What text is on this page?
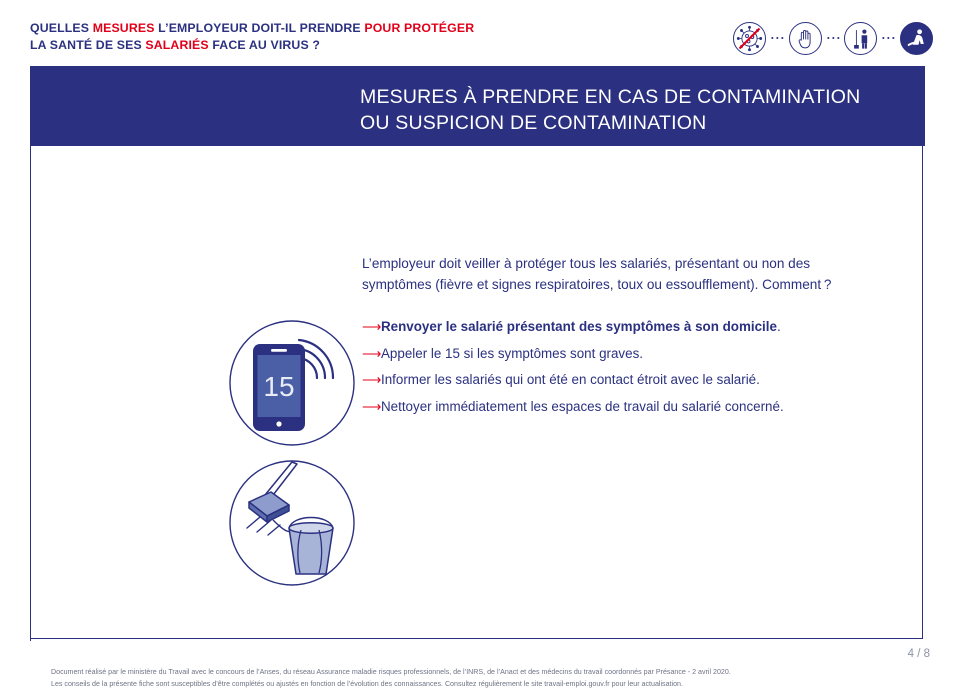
QUELLES MESURES L’EMPLOYEUR DOIT-IL PRENDRE POUR PROTÉGER
LA SANTÉ DE SES SALARIÉS FACE AU VIRUS ?
MESURES À PRENDRE EN CAS DE CONTAMINATION
OU SUSPICION DE CONTAMINATION

L’employeur doit veiller à protéger tous les salariés, présentant ou non des symptômes (fièvre et signes respiratoires, toux ou essoufflement). Comment ?

⟶ Renvoyer le salarié présentant des symptômes à son domicile.
⟶ Appeler le 15 si les symptômes sont graves.
⟶ Informer les salariés qui ont été en contact étroit avec le salarié.
⟶ Nettoyer immédiatement les espaces de travail du salarié concerné.
15
Document réalisé par le ministère du Travail avec le concours de l’Anses, du réseau Assurance maladie risques professionnels, de l’INRS, de l’Anact et des médecins du travail coordonnés par Présance - 2 avril 2020.
Les conseils de la présente fiche sont susceptibles d’être complétés ou ajustés en fonction de l’évolution des connaissances. Consultez régulièrement le site travail-emploi.gouv.fr pour leur actualisation.
4 / 8
